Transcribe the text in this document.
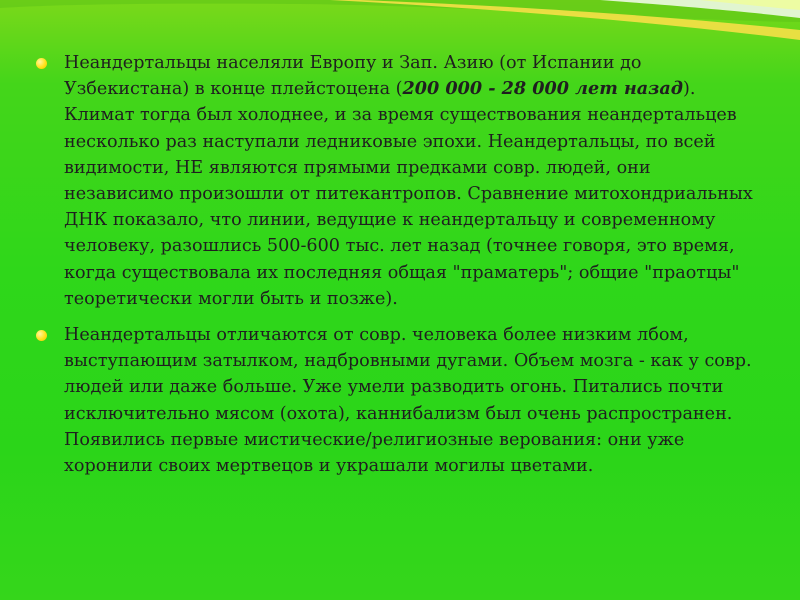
Неандертальцы населяли Европу и Зап. Азию (от Испании до Узбекистана) в конце плейстоцена (200 000 - 28 000 лет назад). Климат тогда был холоднее, и за время существования неандертальцев несколько раз наступали ледниковые эпохи. Неандертальцы, по всей видимости, НЕ являются прямыми предками совр. людей, они независимо произошли от питекантропов. Сравнение митохондриальных ДНК показало, что линии, ведущие к неандертальцу и современному человеку, разошлись 500-600 тыс. лет назад (точнее говоря, это время, когда существовала их последняя общая "праматерь"; общие "праотцы" теоретически могли быть и позже).

Неандертальцы отличаются от совр. человека более низким лбом, выступающим затылком, надбровными дугами. Объем мозга - как у совр. людей или даже больше. Уже умели разводить огонь. Питались почти исключительно мясом (охота), каннибализм был очень распространен. Появились первые мистические/религиозные верования: они уже хоронили своих мертвецов и украшали могилы цветами.
